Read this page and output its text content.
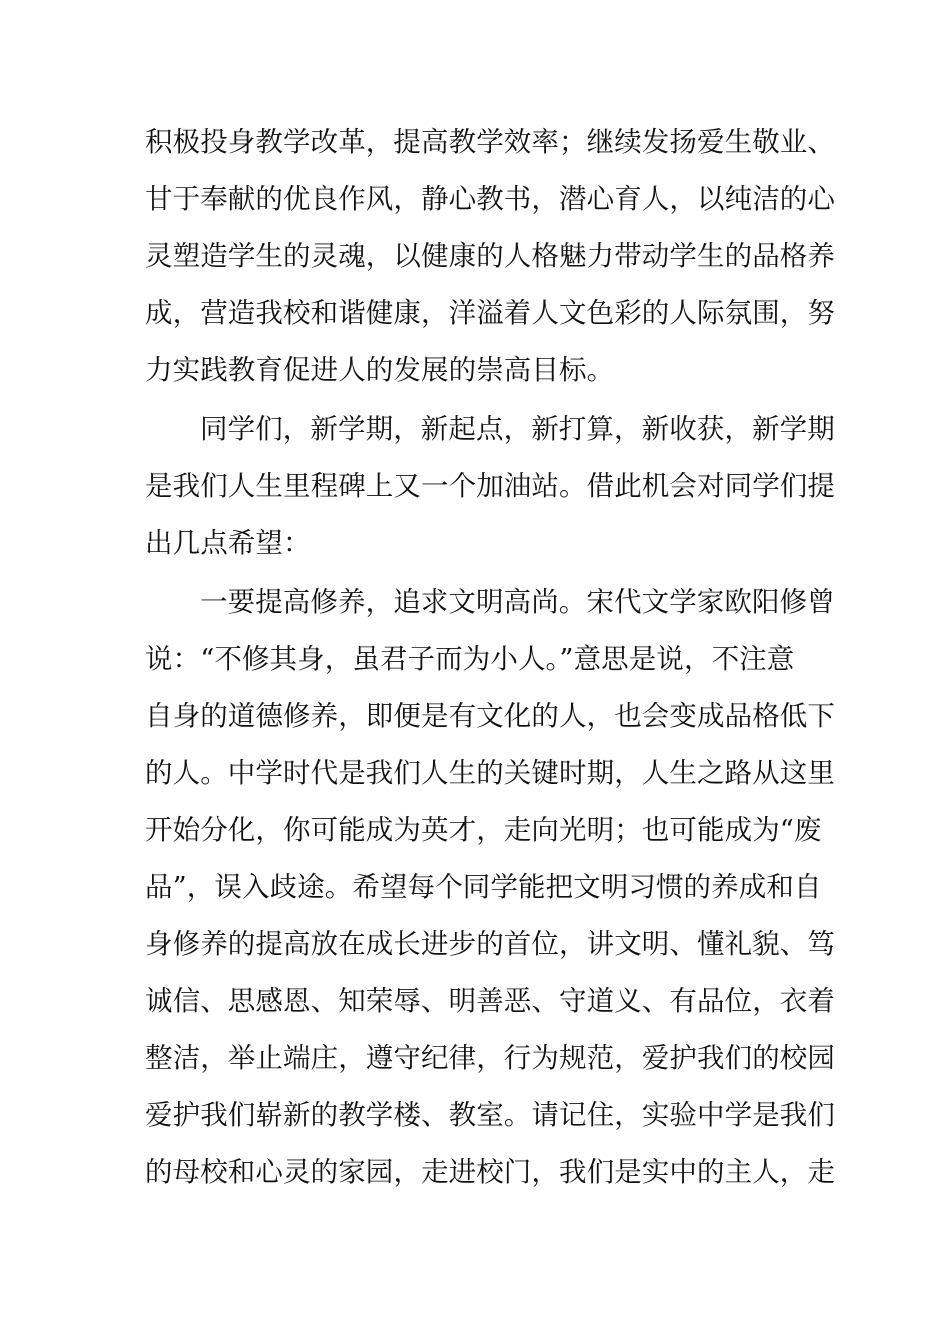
积极投身教学改革，提高教学效率；继续发扬爱生敬业、
甘于奉献的优良作风，静心教书，潜心育人，以纯洁的心
灵塑造学生的灵魂，以健康的人格魅力带动学生的品格养
成，营造我校和谐健康，洋溢着人文色彩的人际氛围，努
力实践教育促进人的发展的崇高目标。
同学们，新学期，新起点，新打算，新收获，新学期
是我们人生里程碑上又一个加油站。借此机会对同学们提
出几点希望：
一要提高修养，追求文明高尚。宋代文学家欧阳修曾
说：“不修其身，虽君子而为小人。”意思是说，不注意
自身的道德修养，即便是有文化的人，也会变成品格低下
的人。中学时代是我们人生的关键时期，人生之路从这里
开始分化，你可能成为英才，走向光明；也可能成为“废
品”，误入歧途。希望每个同学能把文明习惯的养成和自
身修养的提高放在成长进步的首位，讲文明、懂礼貌、笃
诚信、思感恩、知荣辱、明善恶、守道义、有品位，衣着
整洁，举止端庄，遵守纪律，行为规范，爱护我们的校园
爱护我们崭新的教学楼、教室。请记住，实验中学是我们
的母校和心灵的家园，走进校门，我们是实中的主人，走
